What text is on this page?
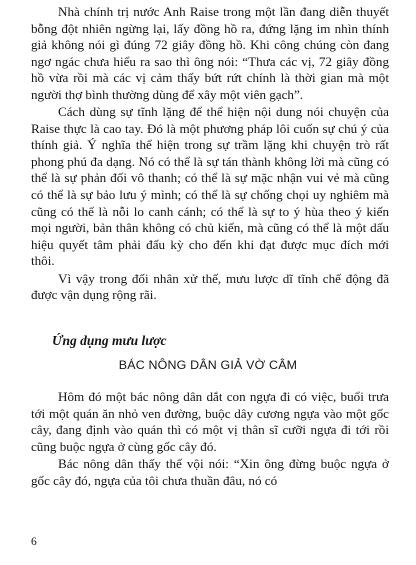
Nhà chính trị nước Anh Raise trong một lần đang diễn thuyết bỗng đột nhiên ngừng lại, lấy đồng hồ ra, đứng lặng im nhìn thính giả không nói gì đúng 72 giây đồng hồ. Khi công chúng còn đang ngơ ngác chưa hiểu ra sao thì ông nói: “Thưa các vị, 72 giây đồng hồ vừa rồi mà các vị cảm thấy bứt rứt chính là thời gian mà một người thợ bình thường dùng để xây một viên gạch”.

Cách dùng sự tĩnh lặng để thể hiện nội dung nói chuyện của Raise thực là cao tay. Đó là một phương pháp lôi cuốn sự chú ý của thính giả. Ý nghĩa thể hiện trong sự trầm lặng khi chuyện trò rất phong phú đa dạng. Nó có thể là sự tán thành không lời mà cũng có thể là sự phản đối vô thanh; có thể là sự mặc nhận vui vẻ mà cũng có thể là sự bảo lưu ý mình; có thể là sự chống chọi uy nghiêm mà cũng có thể là nỗi lo canh cánh; có thể là sự to ý hùa theo ý kiến mọi người, bản thân không có chủ kiến, mà cũng có thể là một dấu hiệu quyết tâm phải đấu kỳ cho đến khi đạt được mục đích mới thôi.

Vì vậy trong đối nhân xử thế, mưu lược dĩ tĩnh chế động đã được vận dụng rộng rãi.

Ứng dụng mưu lược
BÁC NÔNG DÂN GIẢ VỜ CÂM

Hôm đó một bác nông dân dắt con ngựa đi có việc, buổi trưa tới một quán ăn nhỏ ven đường, buộc dây cương ngựa vào một gốc cây, đang định vào quán thì có một vị thân sĩ cưỡi ngựa đi tới rồi cũng buộc ngựa ở cùng gốc cây đó.

Bác nông dân thấy thế vội nói: “Xin ông đừng buộc ngựa ở gốc cây đó, ngựa của tôi chưa thuần đâu, nó có

6
